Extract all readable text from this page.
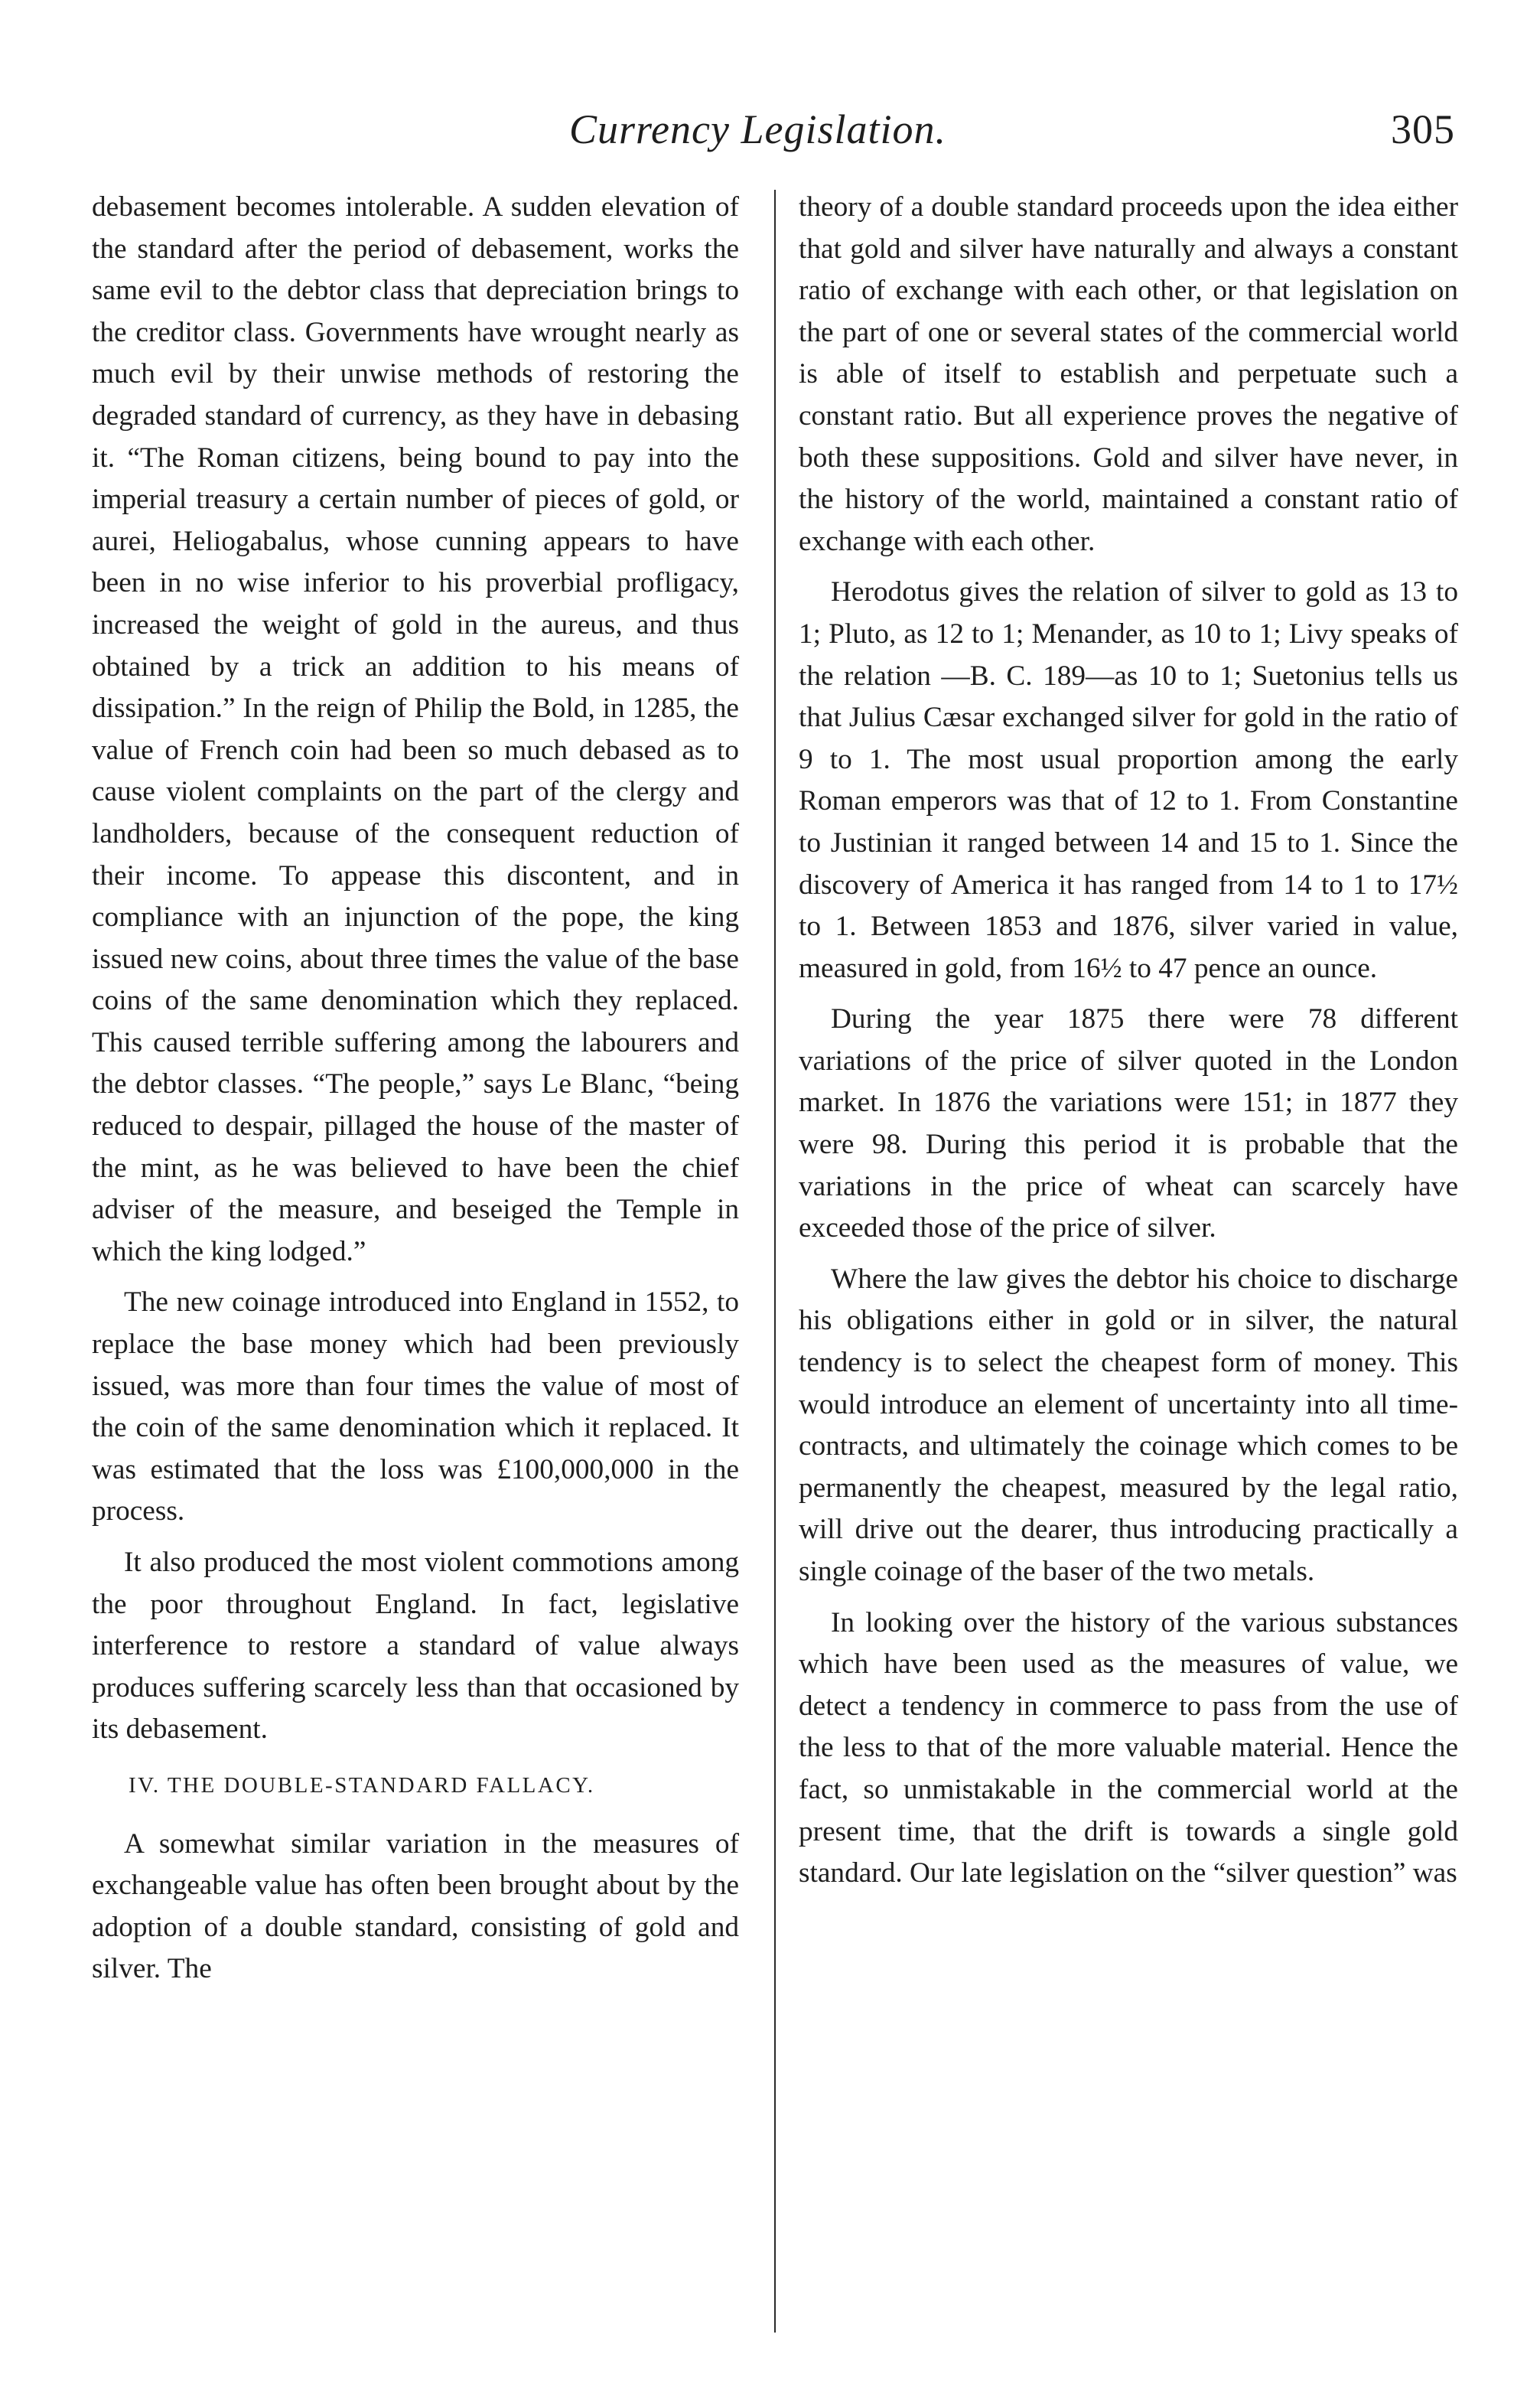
Currency Legislation.	305

debasement becomes intolerable. A sudden elevation of the standard after the period of debasement, works the same evil to the debtor class that depreciation brings to the creditor class. Governments have wrought nearly as much evil by their unwise methods of restoring the degraded standard of currency, as they have in debasing it. “The Roman citizens, being bound to pay into the imperial treasury a certain number of pieces of gold, or aurei, Heliogabalus, whose cunning appears to have been in no wise inferior to his proverbial profligacy, increased the weight of gold in the aureus, and thus obtained by a trick an addition to his means of dissipation.” In the reign of Philip the Bold, in 1285, the value of French coin had been so much debased as to cause violent complaints on the part of the clergy and landholders, because of the consequent reduction of their income. To appease this discontent, and in compliance with an injunction of the pope, the king issued new coins, about three times the value of the base coins of the same denomination which they replaced. This caused terrible suffering among the labourers and the debtor classes. “The people,” says Le Blanc, “being reduced to despair, pillaged the house of the master of the mint, as he was believed to have been the chief adviser of the measure, and beseiged the Temple in which the king lodged.”

The new coinage introduced into England in 1552, to replace the base money which had been previously issued, was more than four times the value of most of the coin of the same denomination which it replaced. It was estimated that the loss was £100,000,000 in the process.

It also produced the most violent commotions among the poor throughout England. In fact, legislative interference to restore a standard of value always produces suffering scarcely less than that occasioned by its debasement.

IV. THE DOUBLE-STANDARD FALLACY.

A somewhat similar variation in the measures of exchangeable value has often been brought about by the adoption of a double standard, consisting of gold and silver. The

theory of a double standard proceeds upon the idea either that gold and silver have naturally and always a constant ratio of exchange with each other, or that legislation on the part of one or several states of the commercial world is able of itself to establish and perpetuate such a constant ratio. But all experience proves the negative of both these suppositions. Gold and silver have never, in the history of the world, maintained a constant ratio of exchange with each other.

Herodotus gives the relation of silver to gold as 13 to 1; Pluto, as 12 to 1; Menander, as 10 to 1; Livy speaks of the relation —B. C. 189—as 10 to 1; Suetonius tells us that Julius Cæsar exchanged silver for gold in the ratio of 9 to 1. The most usual proportion among the early Roman emperors was that of 12 to 1. From Constantine to Justinian it ranged between 14 and 15 to 1. Since the discovery of America it has ranged from 14 to 1 to 17½ to 1. Between 1853 and 1876, silver varied in value, measured in gold, from 16½ to 47 pence an ounce.

During the year 1875 there were 78 different variations of the price of silver quoted in the London market. In 1876 the variations were 151; in 1877 they were 98. During this period it is probable that the variations in the price of wheat can scarcely have exceeded those of the price of silver.

Where the law gives the debtor his choice to discharge his obligations either in gold or in silver, the natural tendency is to select the cheapest form of money. This would introduce an element of uncertainty into all time-contracts, and ultimately the coinage which comes to be permanently the cheapest, measured by the legal ratio, will drive out the dearer, thus introducing practically a single coinage of the baser of the two metals.

In looking over the history of the various substances which have been used as the measures of value, we detect a tendency in commerce to pass from the use of the less to that of the more valuable material. Hence the fact, so unmistakable in the commercial world at the present time, that the drift is towards a single gold standard. Our late legislation on the “silver question” was
